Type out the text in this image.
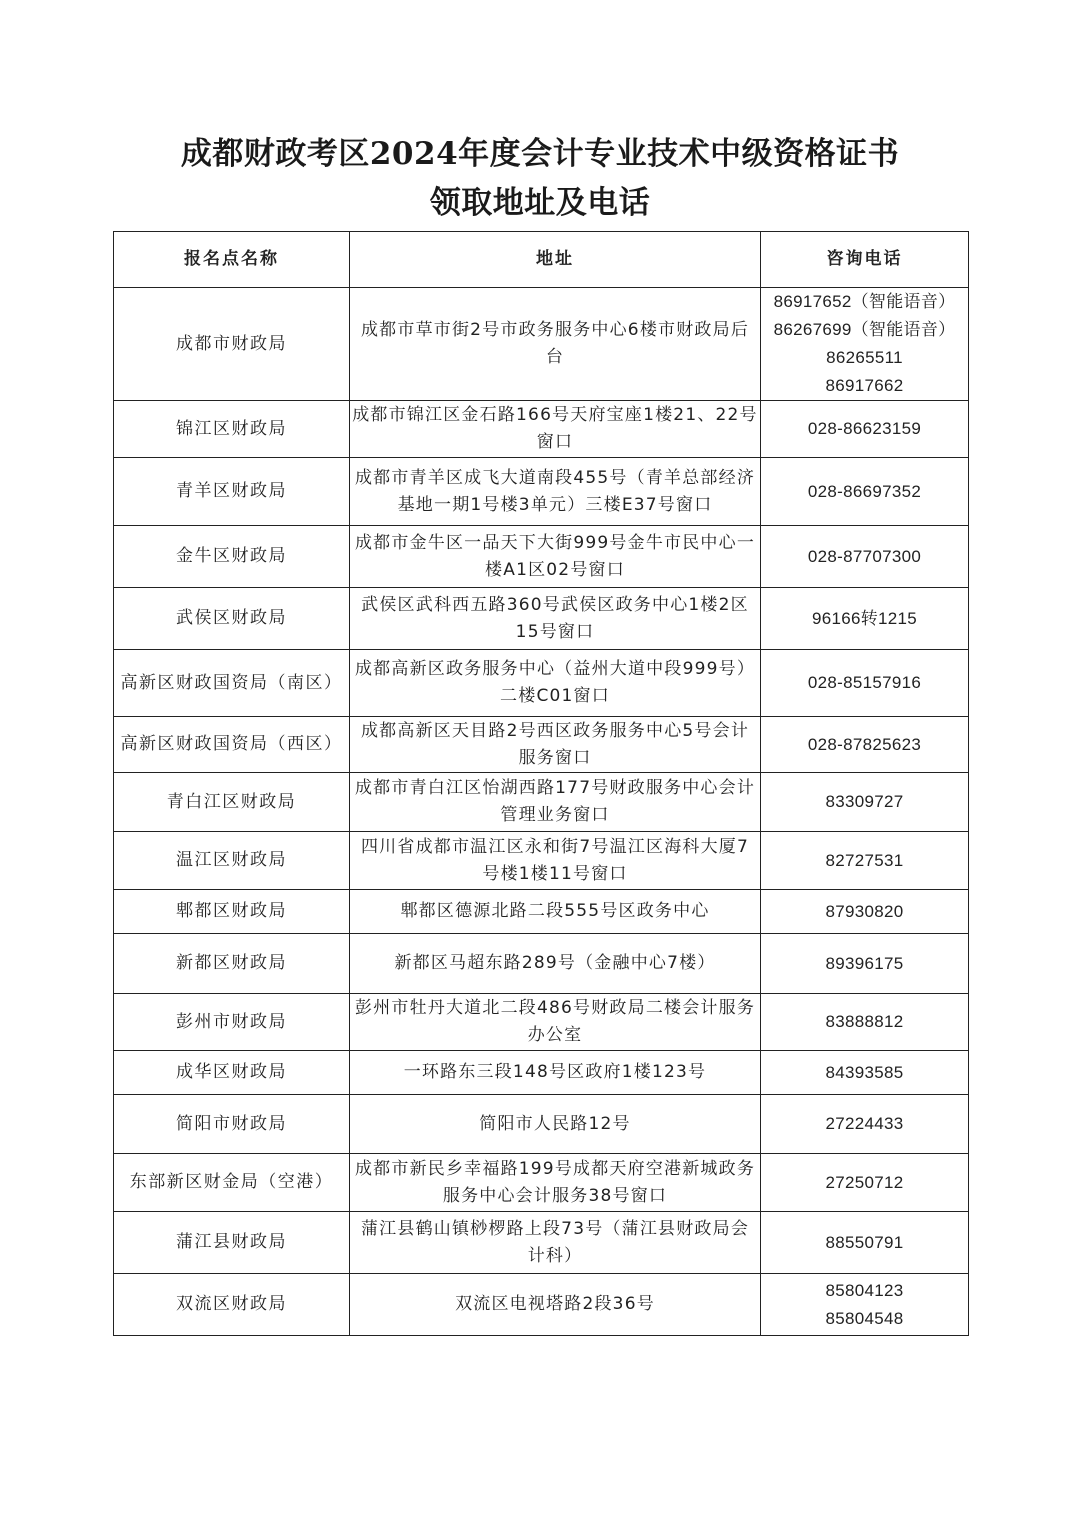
成都财政考区2024年度会计专业技术中级资格证书
领取地址及电话
报名点名称	地址	咨询电话
成都市财政局	成都市草市街2号市政务服务中心6楼市财政局后台	86917652（智能语音）
86267699（智能语音）
86265511
86917662

锦江区财政局	成都市锦江区金石路166号天府宝座1楼21、22号窗口	028-86623159

青羊区财政局	成都市青羊区成飞大道南段455号（青羊总部经济基地一期1号楼3单元）三楼E37号窗口	028-86697352

金牛区财政局	成都市金牛区一品天下大街999号金牛市民中心一楼A1区02号窗口	028-87707300

武侯区财政局	武侯区武科西五路360号武侯区政务中心1楼2区15号窗口	96166转1215

高新区财政国资局（南区）	成都高新区政务服务中心（益州大道中段999号）二楼C01窗口	028-85157916

高新区财政国资局（西区）	成都高新区天目路2号西区政务服务中心5号会计服务窗口	028-87825623

青白江区财政局	成都市青白江区怡湖西路177号财政服务中心会计管理业务窗口	83309727

温江区财政局	四川省成都市温江区永和街7号温江区海科大厦7号楼1楼11号窗口	82727531

郫都区财政局	郫都区德源北路二段555号区政务中心	87930820

新都区财政局	新都区马超东路289号（金融中心7楼）	89396175

彭州市财政局	彭州市牡丹大道北二段486号财政局二楼会计服务办公室	83888812

成华区财政局	一环路东三段148号区政府1楼123号	84393585

简阳市财政局	简阳市人民路12号	27224433

东部新区财金局（空港）	成都市新民乡幸福路199号成都天府空港新城政务服务中心会计服务38号窗口	27250712

蒲江县财政局	蒲江县鹤山镇桫椤路上段73号（蒲江县财政局会计科）	88550791

双流区财政局	双流区电视塔路2段36号	85804123
85804548
